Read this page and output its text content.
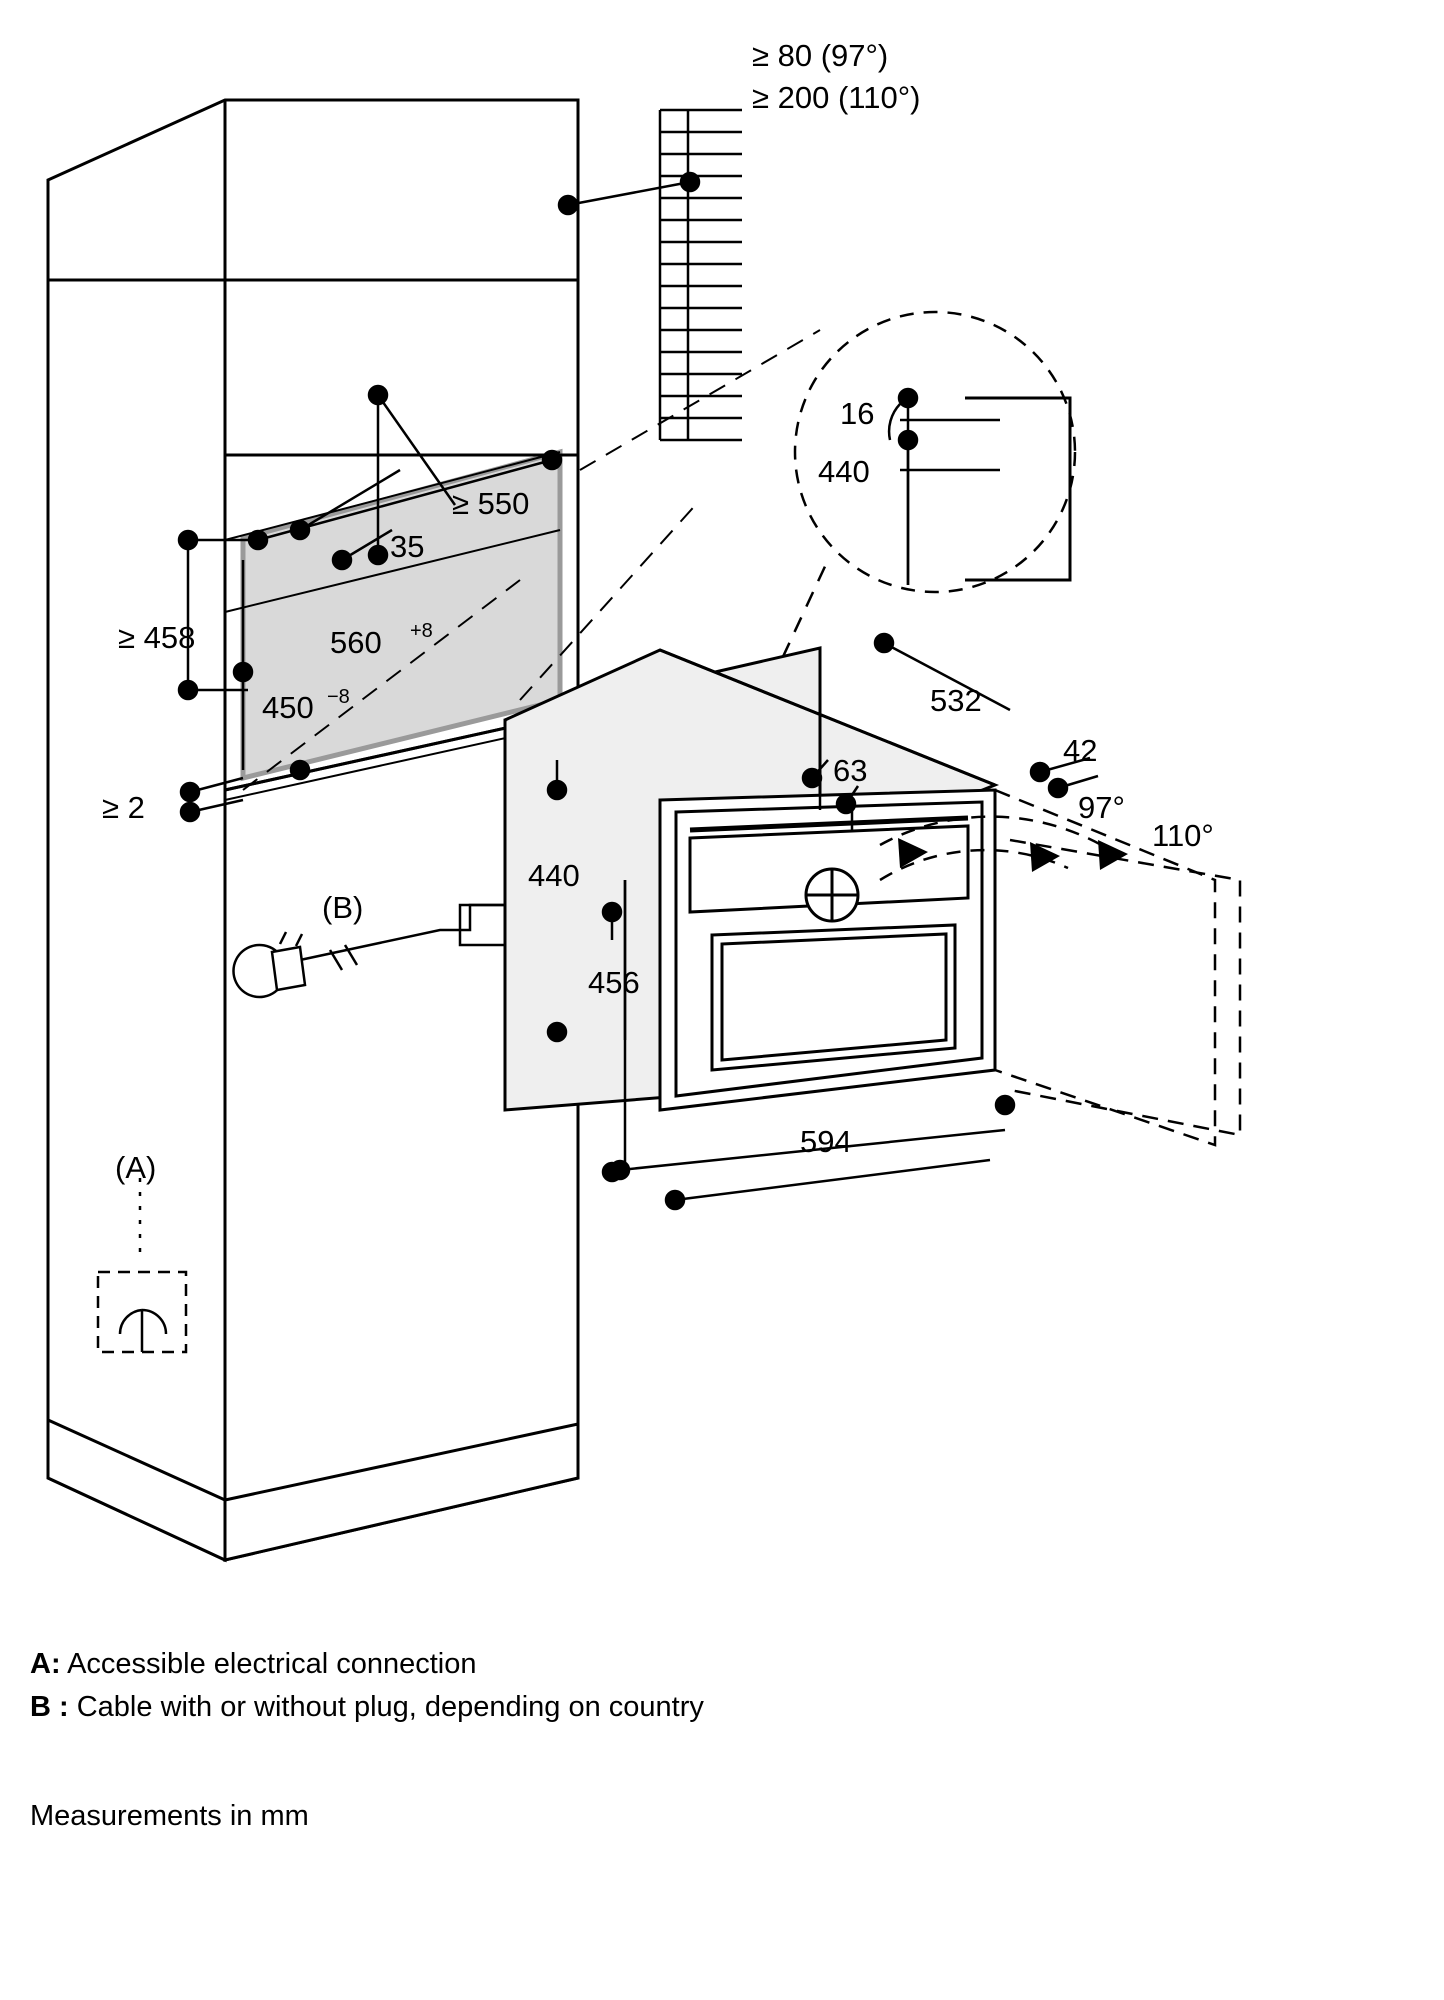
≥ 80 (97°)
≥ 200 (110°)
16
440
≥ 550
35
560 +8
450 −8
≥ 458
≥ 2
532
42
63
440
456
594
97°
110°
(B)
(A)
A: Accessible electrical connection
B : Cable with or without plug, depending on country
Measurements in mm
